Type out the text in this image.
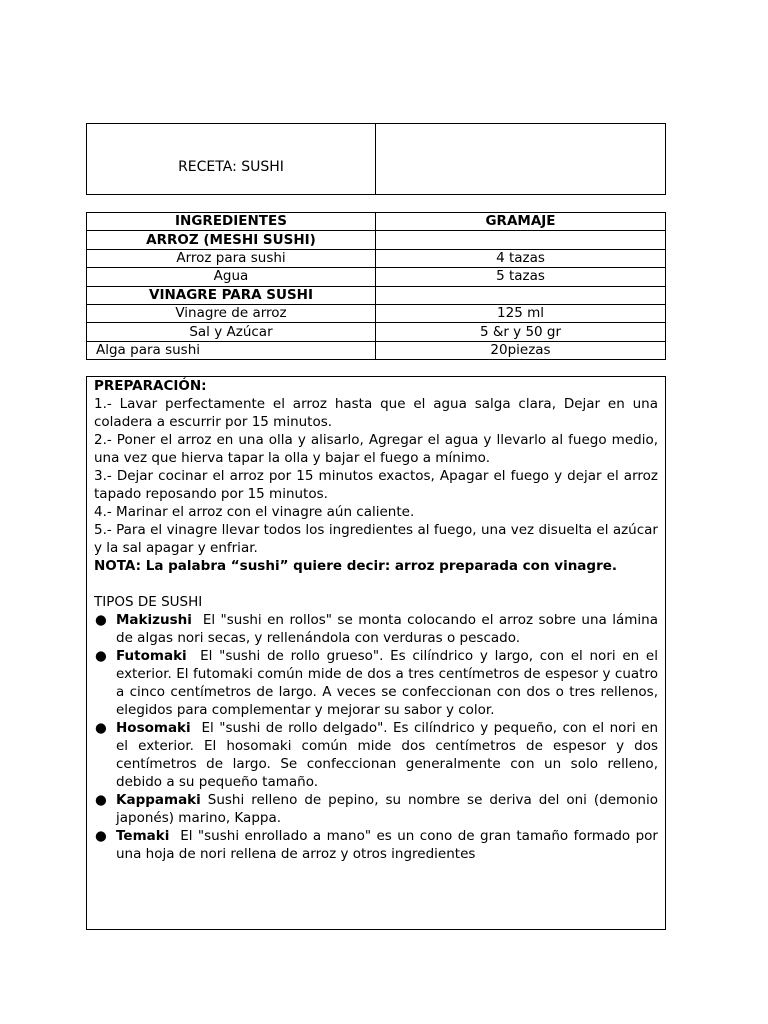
RECETA: SUSHI
INGREDIENTES	GRAMAJE
ARROZ (MESHI SUSHI)	
Arroz para sushi	4 tazas
Agua	5 tazas
VINAGRE PARA SUSHI	
Vinagre de arroz	125 ml
Sal y Azúcar	5 &r y 50 gr
Alga para sushi	20piezas

PREPARACIÓN:

1.- Lavar perfectamente el arroz hasta que el agua salga clara, Dejar en una coladera a escurrir por 15 minutos.

2.- Poner el arroz en una olla y alisarlo, Agregar el agua y llevarlo al fuego medio, una vez que hierva tapar la olla y bajar el fuego a mínimo.

3.- Dejar cocinar el arroz por 15 minutos exactos, Apagar el fuego y dejar el arroz tapado reposando por 15 minutos.

4.- Marinar el arroz con el vinagre aún caliente.

5.- Para el vinagre llevar todos los ingredientes al fuego, una vez disuelta el azúcar y la sal apagar y enfriar.

NOTA: La palabra “sushi” quiere decir: arroz preparada con vinagre.

TIPOS DE SUSHI

● Makizushi El "sushi en rollos" se monta colocando el arroz sobre una lámina de algas nori secas, y rellenándola con verduras o pescado.
● Futomaki El "sushi de rollo grueso". Es cilíndrico y largo, con el nori en el exterior. El futomaki común mide de dos a tres centímetros de espesor y cuatro a cinco centímetros de largo. A veces se confeccionan con dos o tres rellenos, elegidos para complementar y mejorar su sabor y color.
● Hosomaki El "sushi de rollo delgado". Es cilíndrico y pequeño, con el nori en el exterior. El hosomaki común mide dos centímetros de espesor y dos centímetros de largo. Se confeccionan generalmente con un solo relleno, debido a su pequeño tamaño.
● Kappamaki Sushi relleno de pepino, su nombre se deriva del oni (demonio japonés) marino, Kappa.
● Temaki El "sushi enrollado a mano" es un cono de gran tamaño formado por una hoja de nori rellena de arroz y otros ingredientes
